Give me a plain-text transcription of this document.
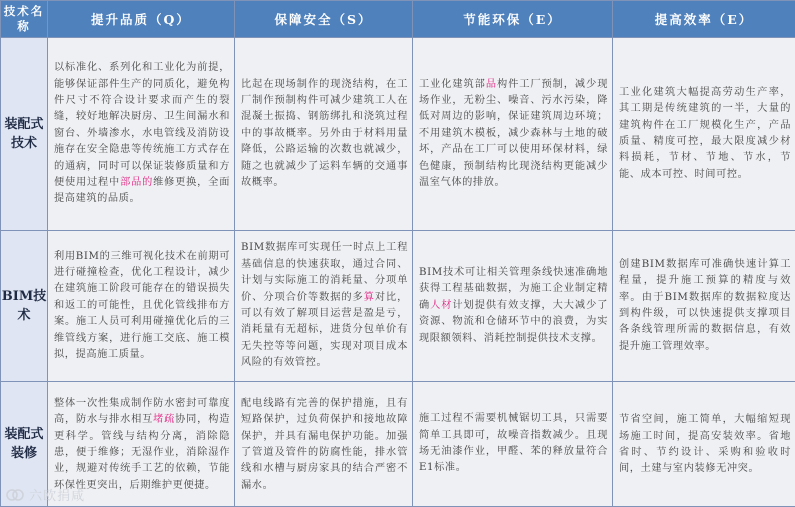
技术名称	提升品质（Q）	保障安全（S）	节能环保（E）	提高效率（E）
装配式技术	以标准化、系列化和工业化为前提，能够保证部件生产的同质化，避免构件尺寸不符合设计要求而产生的裂缝，较好地解决厨房、卫生间漏水和窗台、外墙渗水，水电管线及消防设施存在安全隐患等传统施工方式存在的通病，同时可以保证装修质量和方便使用过程中部品的维修更换，全面提高建筑的品质。	比起在现场制作的现浇结构，在工厂制作预制构件可减少建筑工人在混凝土振捣、钢筋绑扎和浇筑过程中的事故概率。另外由于材料用量降低，公路运输的次数也就减少，随之也就减少了运料车辆的交通事故概率。	工业化建筑部品构件工厂预制，减少现场作业，无粉尘、噪音、污水污染，降低对周边的影响，保证建筑周边环境；不用建筑木模板，减少森林与土地的破坏，产品在工厂可以使用环保材料，绿色健康，预制结构比现浇结构更能减少温室气体的排放。	工业化建筑大幅提高劳动生产率，其工期是传统建筑的一半，大量的建筑构件在工厂规模化生产，产品质量、精度可控，最大限度减少材料损耗，节材、节地、节水，节能、成本可控、时间可控。

BIM技术	利用BIM的三维可视化技术在前期可进行碰撞检查，优化工程设计，减少在建筑施工阶段可能存在的错误损失和返工的可能性，且优化管线排布方案。施工人员可利用碰撞优化后的三维管线方案，进行施工交底、施工模拟，提高施工质量。	BIM数据库可实现任一时点上工程基础信息的快速获取，通过合同、计划与实际施工的消耗量、分项单价、分项合价等数据的多算对比，可以有效了解项目运营是盈是亏，消耗量有无超标，进货分包单价有无失控等等问题，实现对项目成本风险的有效管控。	BIM技术可让相关管理条线快速准确地获得工程基础数据，为施工企业制定精确人材计划提供有效支撑，大大减少了资源、物流和仓储环节中的浪费，为实现限额领料、消耗控制提供技术支撑。	创建BIM数据库可准确快速计算工程量，提升施工预算的精度与效率。由于BIM数据库的数据粒度达到构件级，可以快速提供支撑项目各条线管理所需的数据信息，有效提升施工管理效率。

装配式装修	整体一次性集成制作防水密封可靠度高，防水与排水相互堵疏协同，构造更科学。管线与结构分离，消除隐患，便于维修；无湿作业，消除湿作业，规避对传统手工艺的依赖，节能环保性更突出，后期维护更便捷。	配电线路有完善的保护措施，且有短路保护，过负荷保护和接地故障保护，并具有漏电保护功能。加强了管道及管件的防腐性能，排水管线和水槽与厨房家具的结合严密不漏水。	施工过程不需要机械锯切工具，只需要简单工具即可，故噪音指数减少。且现场无油漆作业，甲醛、苯的释放量符合E1标准。	节省空间，施工简单，大幅缩短现场施工时间，提高安装效率。省地省时、节约设计、采购和验收时间，土建与室内装修无冲突。
六欧捐咸
